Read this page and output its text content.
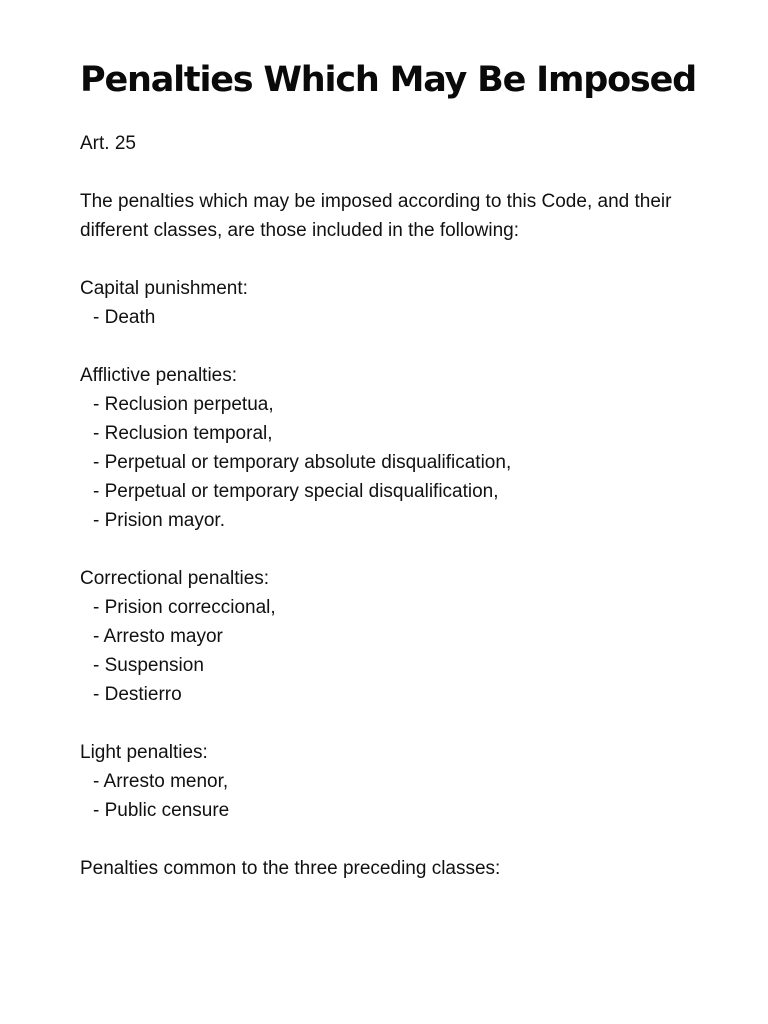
Penalties Which May Be Imposed

Art. 25

The penalties which may be imposed according to this Code, and their different classes, are those included in the following:

Capital punishment:

- Death

Afflictive penalties:

- Reclusion perpetua,
- Reclusion temporal,
- Perpetual or temporary absolute disqualification,
- Perpetual or temporary special disqualification,
- Prision mayor.

Correctional penalties:

- Prision correccional,
- Arresto mayor
- Suspension
- Destierro

Light penalties:

- Arresto menor,
- Public censure

Penalties common to the three preceding classes:
